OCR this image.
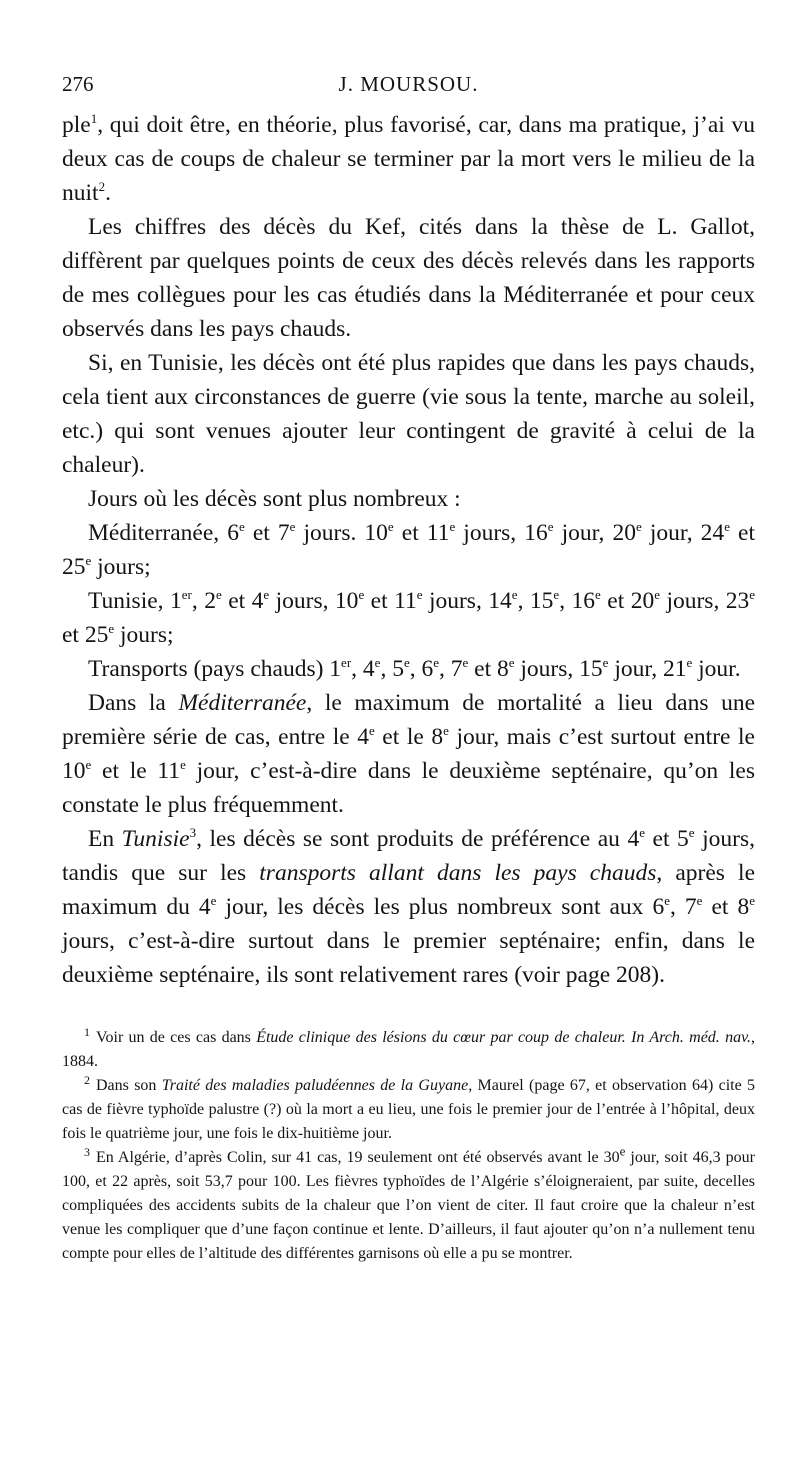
276	J. MOURSOU.

ple$^1$, qui doit être, en théorie, plus favorisé, car, dans ma pratique, j’ai vu deux cas de coups de chaleur se terminer par la mort vers le milieu de la nuit$^2$.

Les chiffres des décès du Kef, cités dans la thèse de L. Gallot, diffèrent par quelques points de ceux des décès relevés dans les rapports de mes collègues pour les cas étudiés dans la Méditerranée et pour ceux observés dans les pays chauds.

Si, en Tunisie, les décès ont été plus rapides que dans les pays chauds, cela tient aux circonstances de guerre (vie sous la tente, marche au soleil, etc.) qui sont venues ajouter leur contingent de gravité à celui de la chaleur).

Jours où les décès sont plus nombreux :

Méditerranée, 6e et 7e jours. 10e et 11e jours, 16e jour, 20e jour, 24e et 25e jours;

Tunisie, 1er, 2e et 4e jours, 10e et 11e jours, 14e, 15e, 16e et 20e jours, 23e et 25e jours;

Transports (pays chauds) 1er, 4e, 5e, 6e, 7e et 8e jours, 15e jour, 21e jour.

Dans la Méditerranée, le maximum de mortalité a lieu dans une première série de cas, entre le 4e et le 8e jour, mais c’est surtout entre le 10e et le 11e jour, c’est-à-dire dans le deuxième septénaire, qu’on les constate le plus fréquemment.

En Tunisie$^3$, les décès se sont produits de préférence au 4e et 5e jours, tandis que sur les transports allant dans les pays chauds, après le maximum du 4e jour, les décès les plus nombreux sont aux 6e, 7e et 8e jours, c’est-à-dire surtout dans le premier septénaire; enfin, dans le deuxième septénaire, ils sont relativement rares (voir page 208).

$^1$ Voir un de ces cas dans Étude clinique des lésions du cœur par coup de chaleur. In Arch. méd. nav., 1884.

$^2$ Dans son Traité des maladies paludéennes de la Guyane, Maurel (page 67, et observation 64) cite 5 cas de fièvre typhoïde palustre (?) où la mort a eu lieu, une fois le premier jour de l’entrée à l’hôpital, deux fois le quatrième jour, une fois le dix-huitième jour.

$^3$ En Algérie, d’après Colin, sur 41 cas, 19 seulement ont été observés avant le 30e jour, soit 46,3 pour 100, et 22 après, soit 53,7 pour 100. Les fièvres typhoïdes de l’Algérie s’éloigneraient, par suite, decelles compliquées des accidents subits de la chaleur que l’on vient de citer. Il faut croire que la chaleur n’est venue les compliquer que d’une façon continue et lente. D’ailleurs, il faut ajouter qu’on n’a nullement tenu compte pour elles de l’altitude des différentes garnisons où elle a pu se montrer.
